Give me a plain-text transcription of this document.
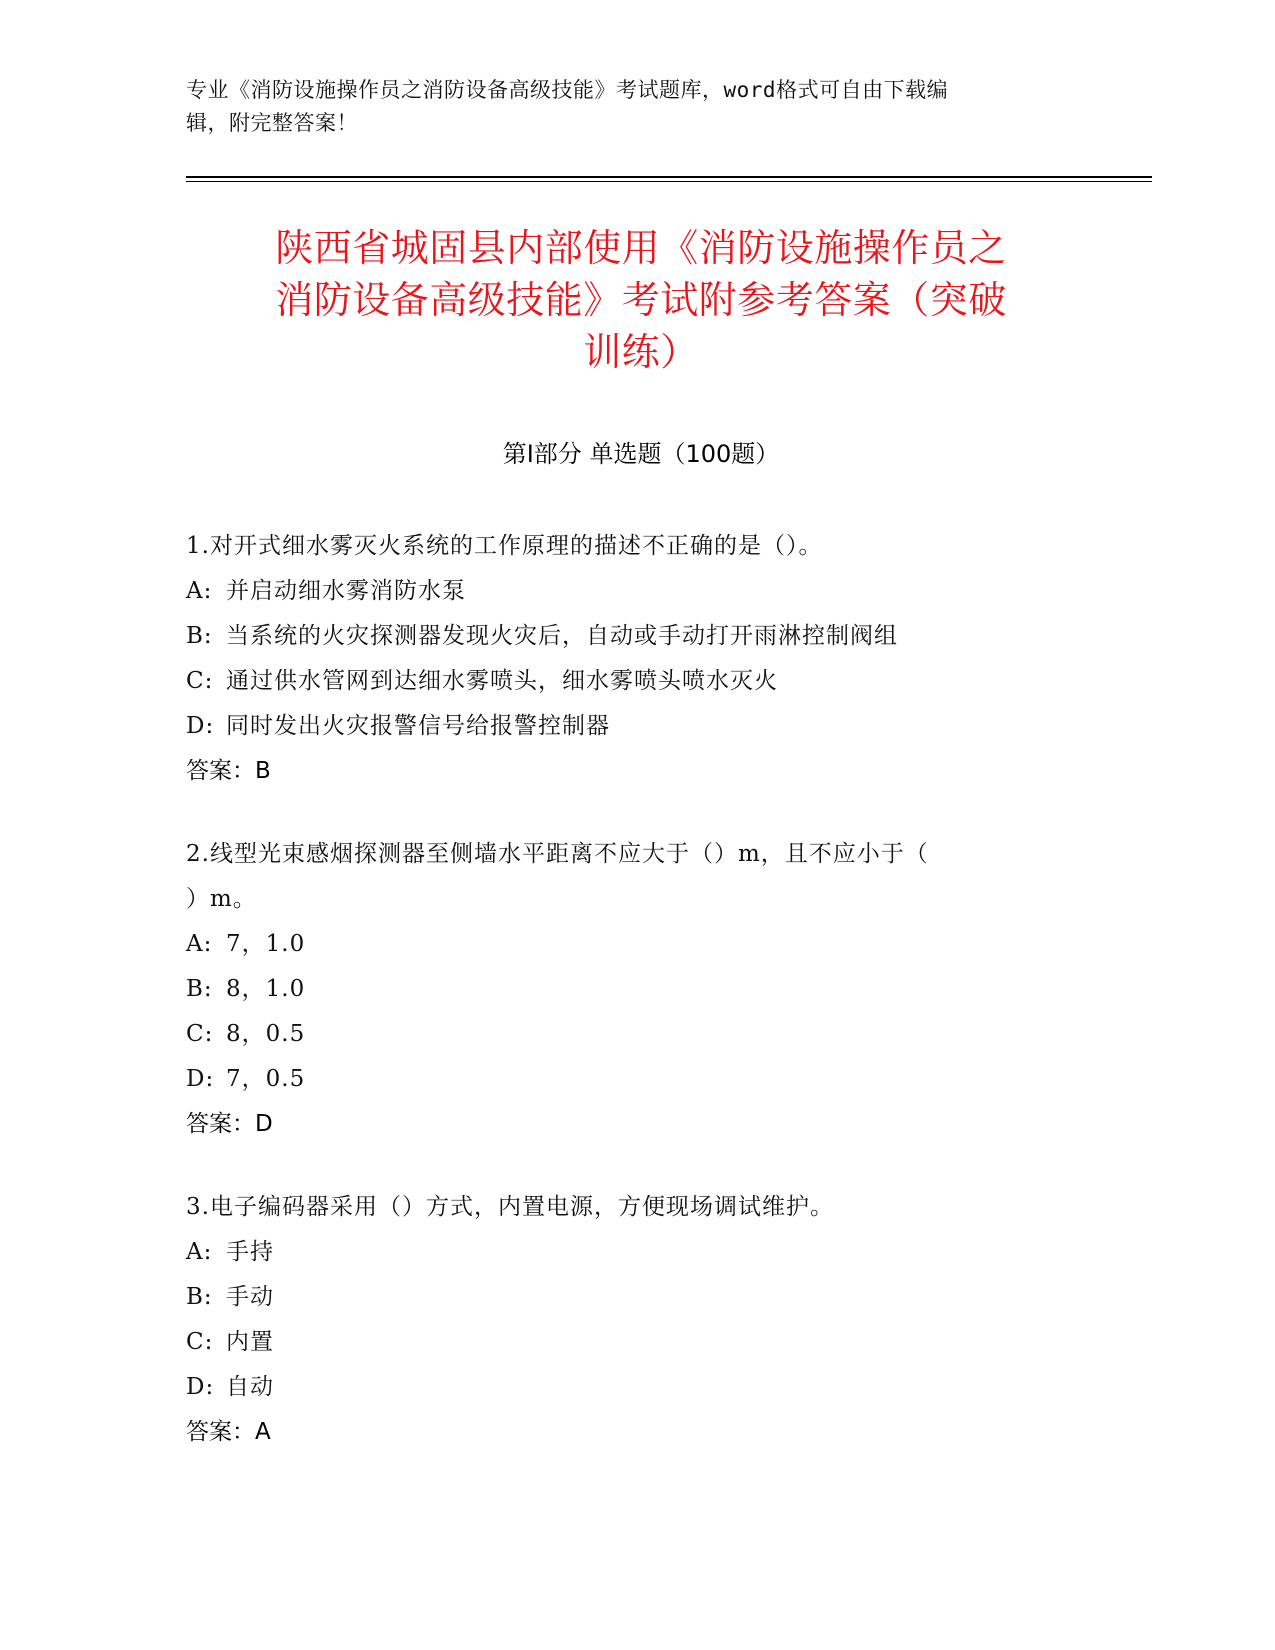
专业《消防设施操作员之消防设备高级技能》考试题库，word格式可自由下载编
辑，附完整答案！
陕西省城固县内部使用《消防设施操作员之
消防设备高级技能》考试附参考答案（突破
训练）
第Ⅰ部分 单选题（100题）
1.对开式细水雾灭火系统的工作原理的描述不正确的是（）。
A: 并启动细水雾消防水泵
B: 当系统的火灾探测器发现火灾后，自动或手动打开雨淋控制阀组
C: 通过供水管网到达细水雾喷头，细水雾喷头喷水灭火
D: 同时发出火灾报警信号给报警控制器
答案：B
2.线型光束感烟探测器至侧墙水平距离不应大于（）m，且不应小于（
）m。
A: 7，1.0
B: 8，1.0
C: 8，0.5
D: 7，0.5
答案：D
3.电子编码器采用（）方式，内置电源，方便现场调试维护。
A: 手持
B: 手动
C: 内置
D: 自动
答案：A
